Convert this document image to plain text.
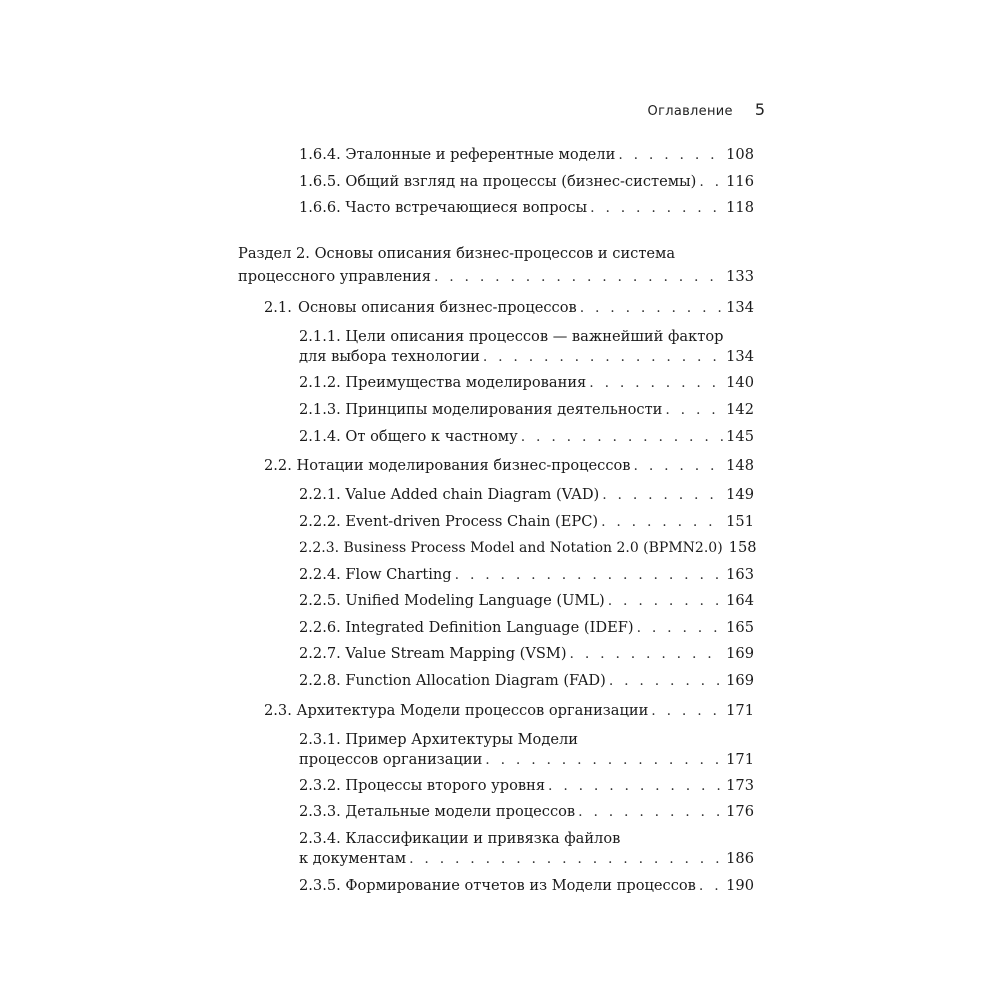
Оглавление 5
1.6.4. Эталонные и референтные модели . . .	108
1.6.5. Общий взгляд на процессы (бизнес-системы) . . . 116
1.6.6. Часто встречающиеся вопросы . . .	118
Раздел 2. Основы описания бизнес-процессов и система
процессного управления . . .	133
2.1. Основы описания бизнес-процессов . . .	134
2.1.1. Цели описания процессов — важнейший фактор
для выбора технологии . . .	134
2.1.2. Преимущества моделирования . . .	140
2.1.3. Принципы моделирования деятельности . . .	142
2.1.4. От общего к частному . . .	145
2.2. Нотации моделирования бизнес-процессов . . .	148
2.2.1. Value Added chain Diagram (VAD) . . .	149
2.2.2. Event-driven Process Chain (EPC) . . .	151
2.2.3. Business Process Model and Notation 2.0 (BPMN2.0) 158
2.2.4. Flow Charting . . .	163
2.2.5. Unified Modeling Language (UML) . . .	164
2.2.6. Integrated Definition Language (IDEF) . . .	165
2.2.7. Value Stream Mapping (VSM) . . .	169
2.2.8. Function Allocation Diagram (FAD) . . .	169
2.3. Архитектура Модели процессов организации . . .	171
2.3.1. Пример Архитектуры Модели
процессов организации . . .	171
2.3.2. Процессы второго уровня . . .	173
2.3.3. Детальные модели процессов . . .	176
2.3.4. Классификации и привязка файлов
к документам . . .	186
2.3.5. Формирование отчетов из Модели процессов . . . 190
